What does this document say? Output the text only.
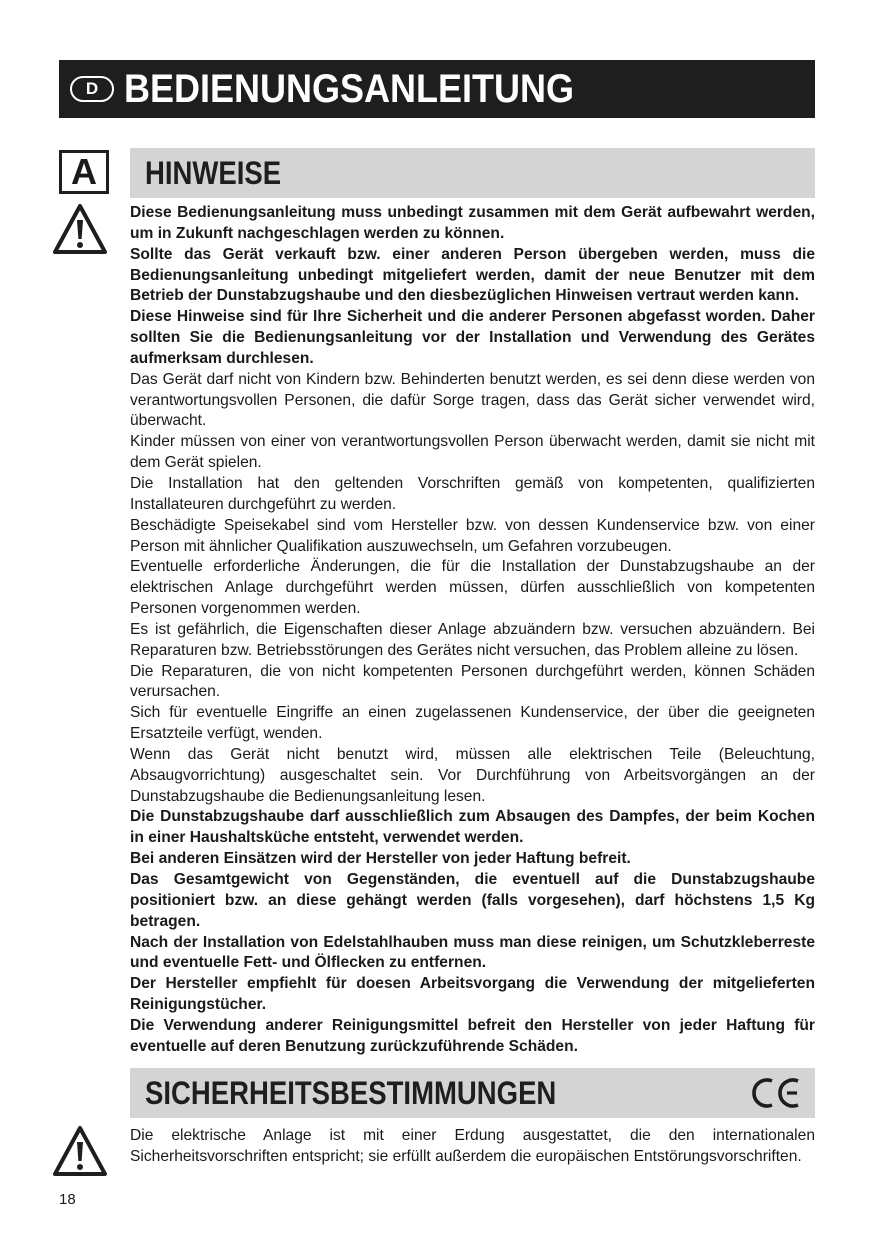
D BEDIENUNGSANLEITUNG
A	HINWEISE

Diese Bedienungsanleitung muss unbedingt zusammen mit dem Gerät aufbewahrt werden, um in Zukunft nachgeschlagen werden zu können.

Sollte das Gerät verkauft bzw. einer anderen Person übergeben werden, muss die Bedienungsanleitung unbedingt mitgeliefert werden, damit der neue Benutzer mit dem Betrieb der Dunstabzugshaube und den diesbezüglichen Hinweisen vertraut werden kann.

Diese Hinweise sind für Ihre Sicherheit und die anderer Personen abgefasst worden. Daher sollten Sie die Bedienungsanleitung vor der Installation und Verwendung des Gerätes aufmerksam durchlesen.

Das Gerät darf nicht von Kindern bzw. Behinderten benutzt werden, es sei denn diese werden von verantwortungsvollen Personen, die dafür Sorge tragen, dass das Gerät sicher verwendet wird, überwacht.

Kinder müssen von einer von verantwortungsvollen Person überwacht werden, damit sie nicht mit dem Gerät spielen.

Die Installation hat den geltenden Vorschriften gemäß von kompetenten, qualifizierten Installateuren durchgeführt zu werden.

Beschädigte Speisekabel sind vom Hersteller bzw. von dessen Kundenservice bzw. von einer Person mit ähnlicher Qualifikation auszuwechseln, um Gefahren vorzubeugen.

Eventuelle erforderliche Änderungen, die für die Installation der Dunstabzugshaube an der elektrischen Anlage durchgeführt werden müssen, dürfen ausschließlich von kompetenten Personen vorgenommen werden.

Es ist gefährlich, die Eigenschaften dieser Anlage abzuändern bzw. versuchen abzuändern. Bei Reparaturen bzw. Betriebsstörungen des Gerätes nicht versuchen, das Problem alleine zu lösen.

Die Reparaturen, die von nicht kompetenten Personen durchgeführt werden, können Schäden verursachen.

Sich für eventuelle Eingriffe an einen zugelassenen Kundenservice, der über die geeigneten Ersatzteile verfügt, wenden.

Wenn das Gerät nicht benutzt wird, müssen alle elektrischen Teile (Beleuchtung, Absaugvorrichtung) ausgeschaltet sein. Vor Durchführung von Arbeitsvorgängen an der Dunstabzugshaube die Bedienungsanleitung lesen.

Die Dunstabzugshaube darf ausschließlich zum Absaugen des Dampfes, der beim Kochen in einer Haushaltsküche entsteht, verwendet werden.

Bei anderen Einsätzen wird der Hersteller von jeder Haftung befreit.

Das Gesamtgewicht von Gegenständen, die eventuell auf die Dunstabzugshaube positioniert bzw. an diese gehängt werden (falls vorgesehen), darf höchstens 1,5 Kg betragen.

Nach der Installation von Edelstahlhauben muss man diese reinigen, um Schutzkleberreste und eventuelle Fett- und Ölflecken zu entfernen.

Der Hersteller empfiehlt für doesen Arbeitsvorgang die Verwendung der mitgelieferten Reinigungstücher.

Die Verwendung anderer Reinigungsmittel befreit den Hersteller von jeder Haftung für eventuelle auf deren Benutzung zurückzuführende Schäden.

SICHERHEITSBESTIMMUNGEN

Die elektrische Anlage ist mit einer Erdung ausgestattet, die den internationalen Sicherheitsvorschriften entspricht; sie erfüllt außerdem die europäischen Entstörungsvorschriften.

18
